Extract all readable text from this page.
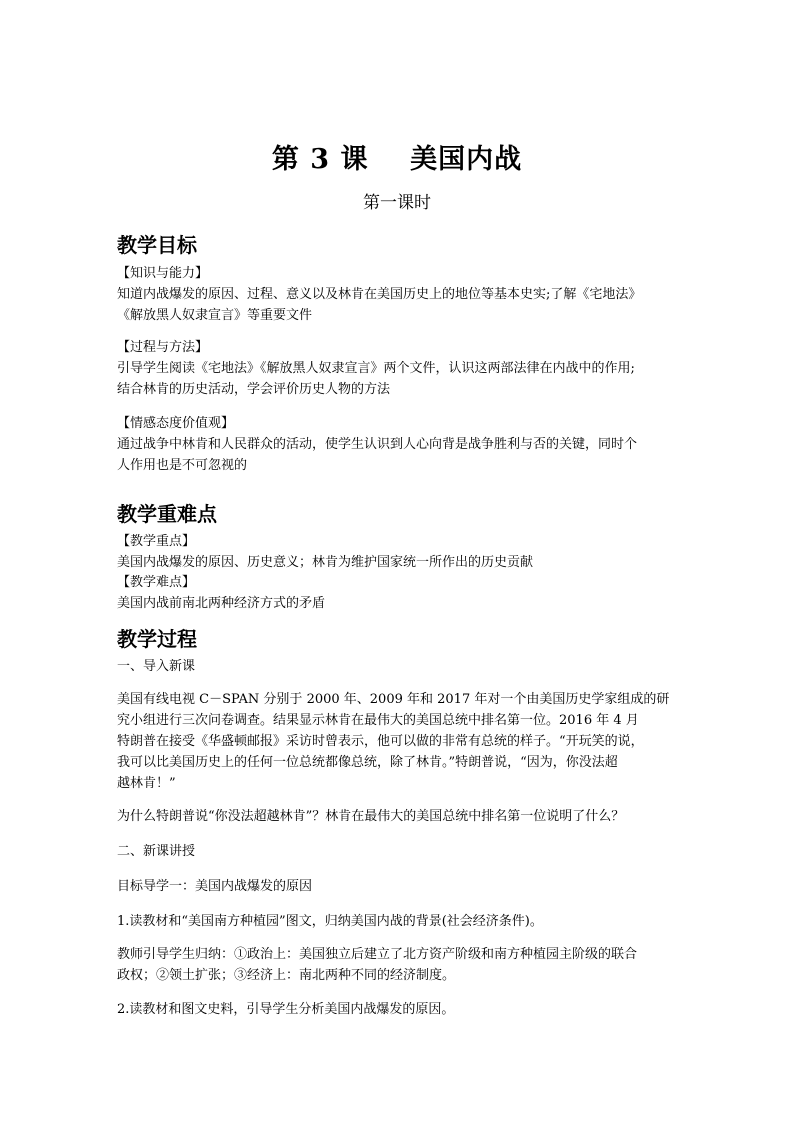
第 3 课    美国内战
第一课时
教学目标
【知识与能力】
知道内战爆发的原因、过程、意义以及林肯在美国历史上的地位等基本史实;了解《宅地法》
《解放黑人奴隶宣言》等重要文件
【过程与方法】
引导学生阅读《宅地法》《解放黑人奴隶宣言》两个文件，认识这两部法律在内战中的作用;
结合林肯的历史活动，学会评价历史人物的方法
【情感态度价值观】
通过战争中林肯和人民群众的活动，使学生认识到人心向背是战争胜利与否的关键，同时个
人作用也是不可忽视的
教学重难点
【教学重点】
美国内战爆发的原因、历史意义；林肯为维护国家统一所作出的历史贡献
【教学难点】
美国内战前南北两种经济方式的矛盾
教学过程
一、导入新课
美国有线电视 C－SPAN 分别于 2000 年、2009 年和 2017 年对一个由美国历史学家组成的研
究小组进行三次问卷调查。结果显示林肯在最伟大的美国总统中排名第一位。2016 年 4 月
特朗普在接受《华盛顿邮报》采访时曾表示，他可以做的非常有总统的样子。“开玩笑的说，
我可以比美国历史上的任何一位总统都像总统，除了林肯。”特朗普说，“因为，你没法超
越林肯！”
为什么特朗普说“你没法超越林肯”？林肯在最伟大的美国总统中排名第一位说明了什么？
二、新课讲授
目标导学一：美国内战爆发的原因
1.读教材和“美国南方种植园”图文，归纳美国内战的背景(社会经济条件)。
教师引导学生归纳：①政治上：美国独立后建立了北方资产阶级和南方种植园主阶级的联合
政权；②领土扩张；③经济上：南北两种不同的经济制度。
2.读教材和图文史料，引导学生分析美国内战爆发的原因。
